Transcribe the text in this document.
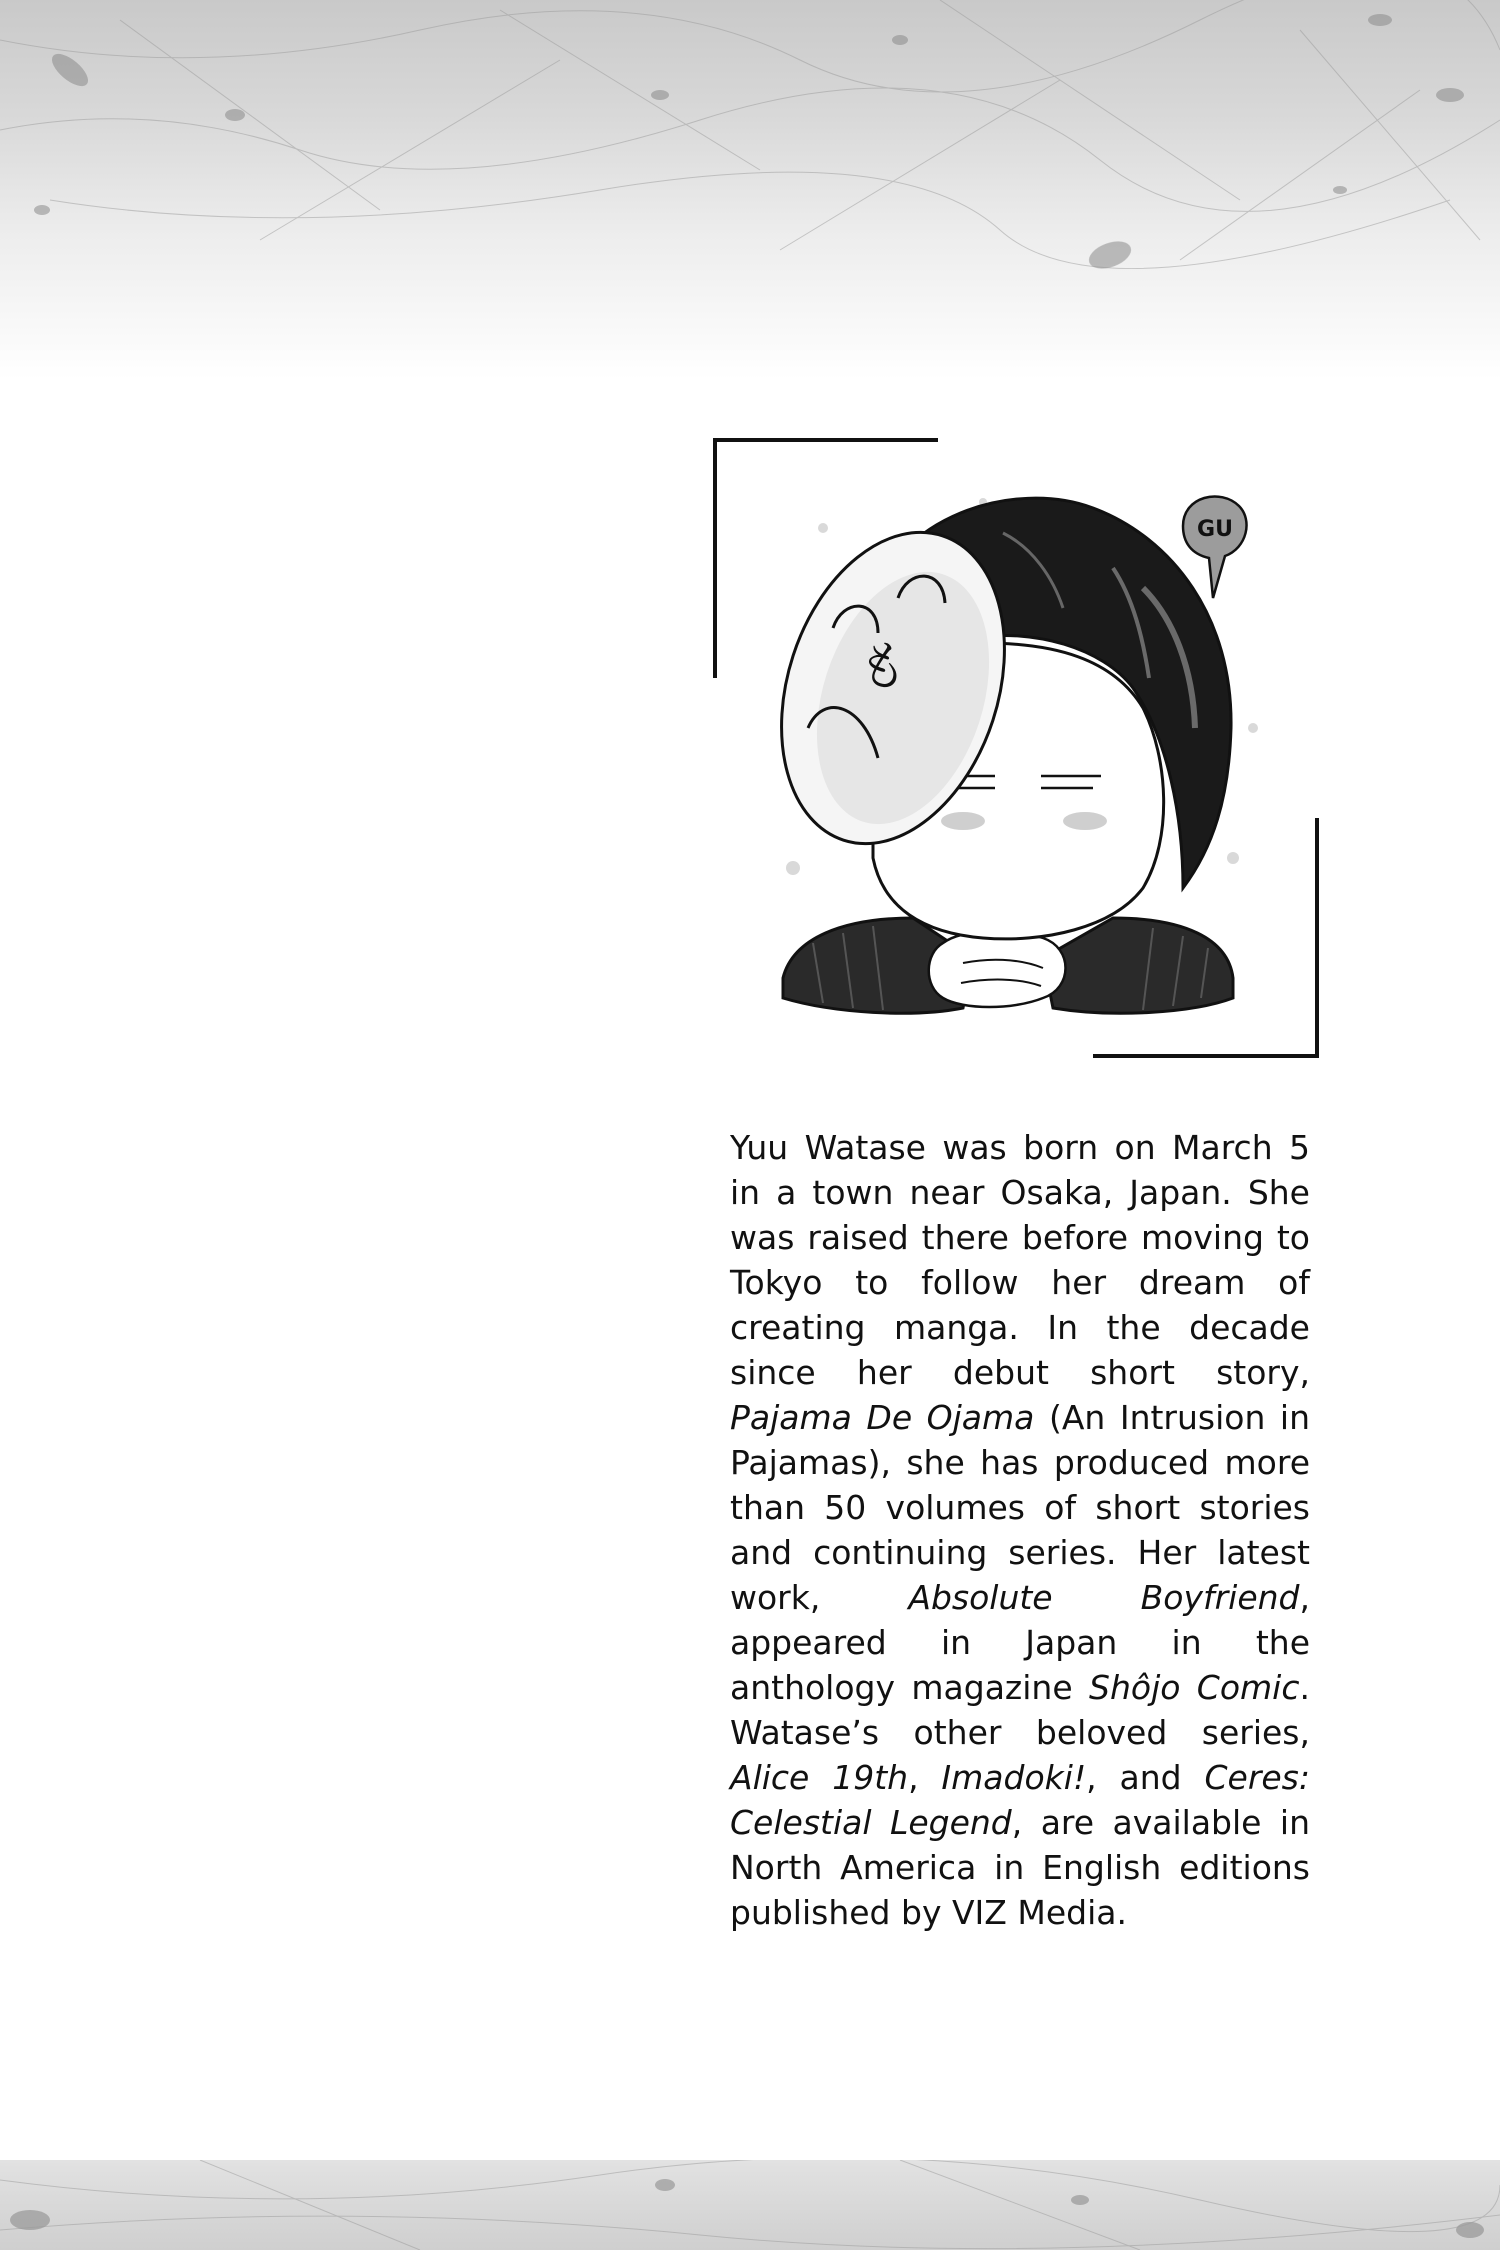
GU
も

Yuu Watase was born on March 5 in a town near Osaka, Japan. She was raised there before moving to Tokyo to follow her dream of creating manga. In the decade since her debut short story, Pajama De Ojama (An Intrusion in Pajamas), she has produced more than 50 volumes of short stories and continuing series. Her latest work, Absolute Boyfriend, appeared in Japan in the anthology magazine Shôjo Comic. Watase’s other beloved series, Alice 19th, Imadoki!, and Ceres: Celestial Legend, are available in North America in English editions published by VIZ Media.
